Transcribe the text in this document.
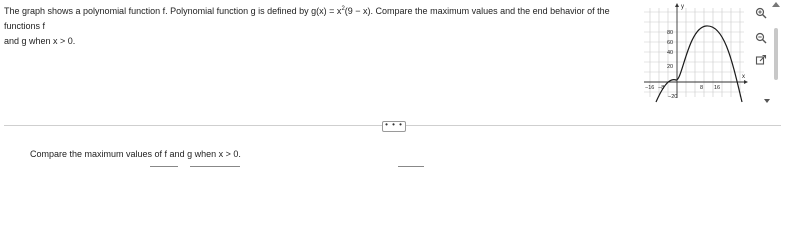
The graph shows a polynomial function f. Polynomial function g is defined by $g(x) = x^2(9 - x)$. Compare the maximum values and the end behavior of the functions f
and g when x > 0.
y
x
80
60
40
20
−20
−16 −8	8 16
• • •
Compare the maximum values of f and g when x > 0.
